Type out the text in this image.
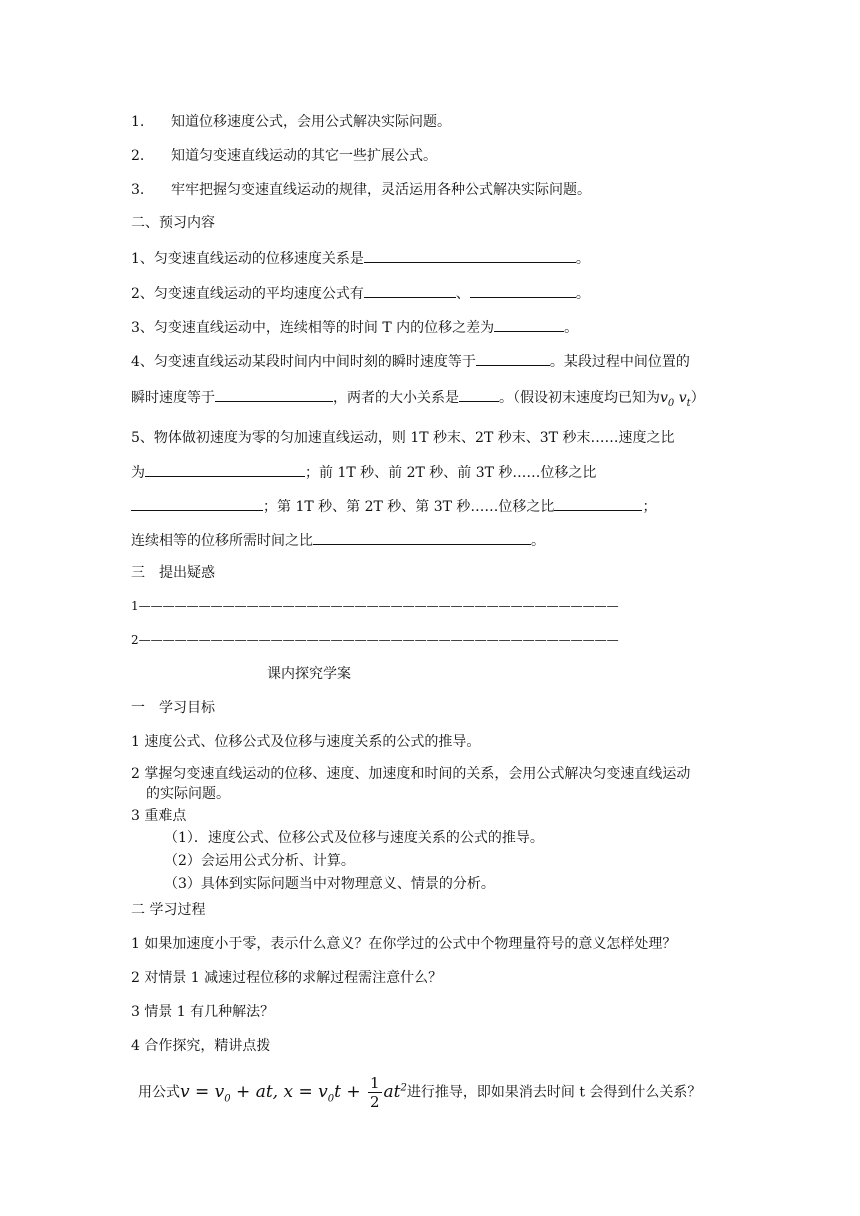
1. 知道位移速度公式，会用公式解决实际问题。
2. 知道匀变速直线运动的其它一些扩展公式。
3. 牢牢把握匀变速直线运动的规律，灵活运用各种公式解决实际问题。
二、预习内容
1、匀变速直线运动的位移速度关系是	。
2、匀变速直线运动的平均速度公式有	、	。
3、匀变速直线运动中，连续相等的时间 T 内的位移之差为	。
4、匀变速直线运动某段时间内中间时刻的瞬时速度等于	。某段过程中间位置的
瞬时速度等于	，两者的大小关系是	。（假设初末速度均已知为$v_0$ $v_t$）
5、物体做初速度为零的匀加速直线运动，则 1T 秒末、2T 秒末、3T 秒末……速度之比
为	；前 1T 秒、前 2T 秒、前 3T 秒……位移之比
；第 1T 秒、第 2T 秒、第 3T 秒……位移之比	；
连续相等的位移所需时间之比	。
三　提出疑惑
1————————————————————————————————————————
2————————————————————————————————————————
课内探究学案
一　学习目标
1 速度公式、位移公式及位移与速度关系的公式的推导。
2 掌握匀变速直线运动的位移、速度、加速度和时间的关系，会用公式解决匀变速直线运动
的实际问题。
3 重难点
（1）．速度公式、位移公式及位移与速度关系的公式的推导。
（2）会运用公式分析、计算。
（3）具体到实际问题当中对物理意义、情景的分析。
二 学习过程
1 如果加速度小于零，表示什么意义？在你学过的公式中个物理量符号的意义怎样处理？
2 对情景 1 减速过程位移的求解过程需注意什么？
3 情景 1 有几种解法？
4 合作探究，精讲点拨
用公式$v = v_0$ + at, $x = v_0t + \frac{1}{2} at^2$进行推导，即如果消去时间 t 会得到什么关系？
